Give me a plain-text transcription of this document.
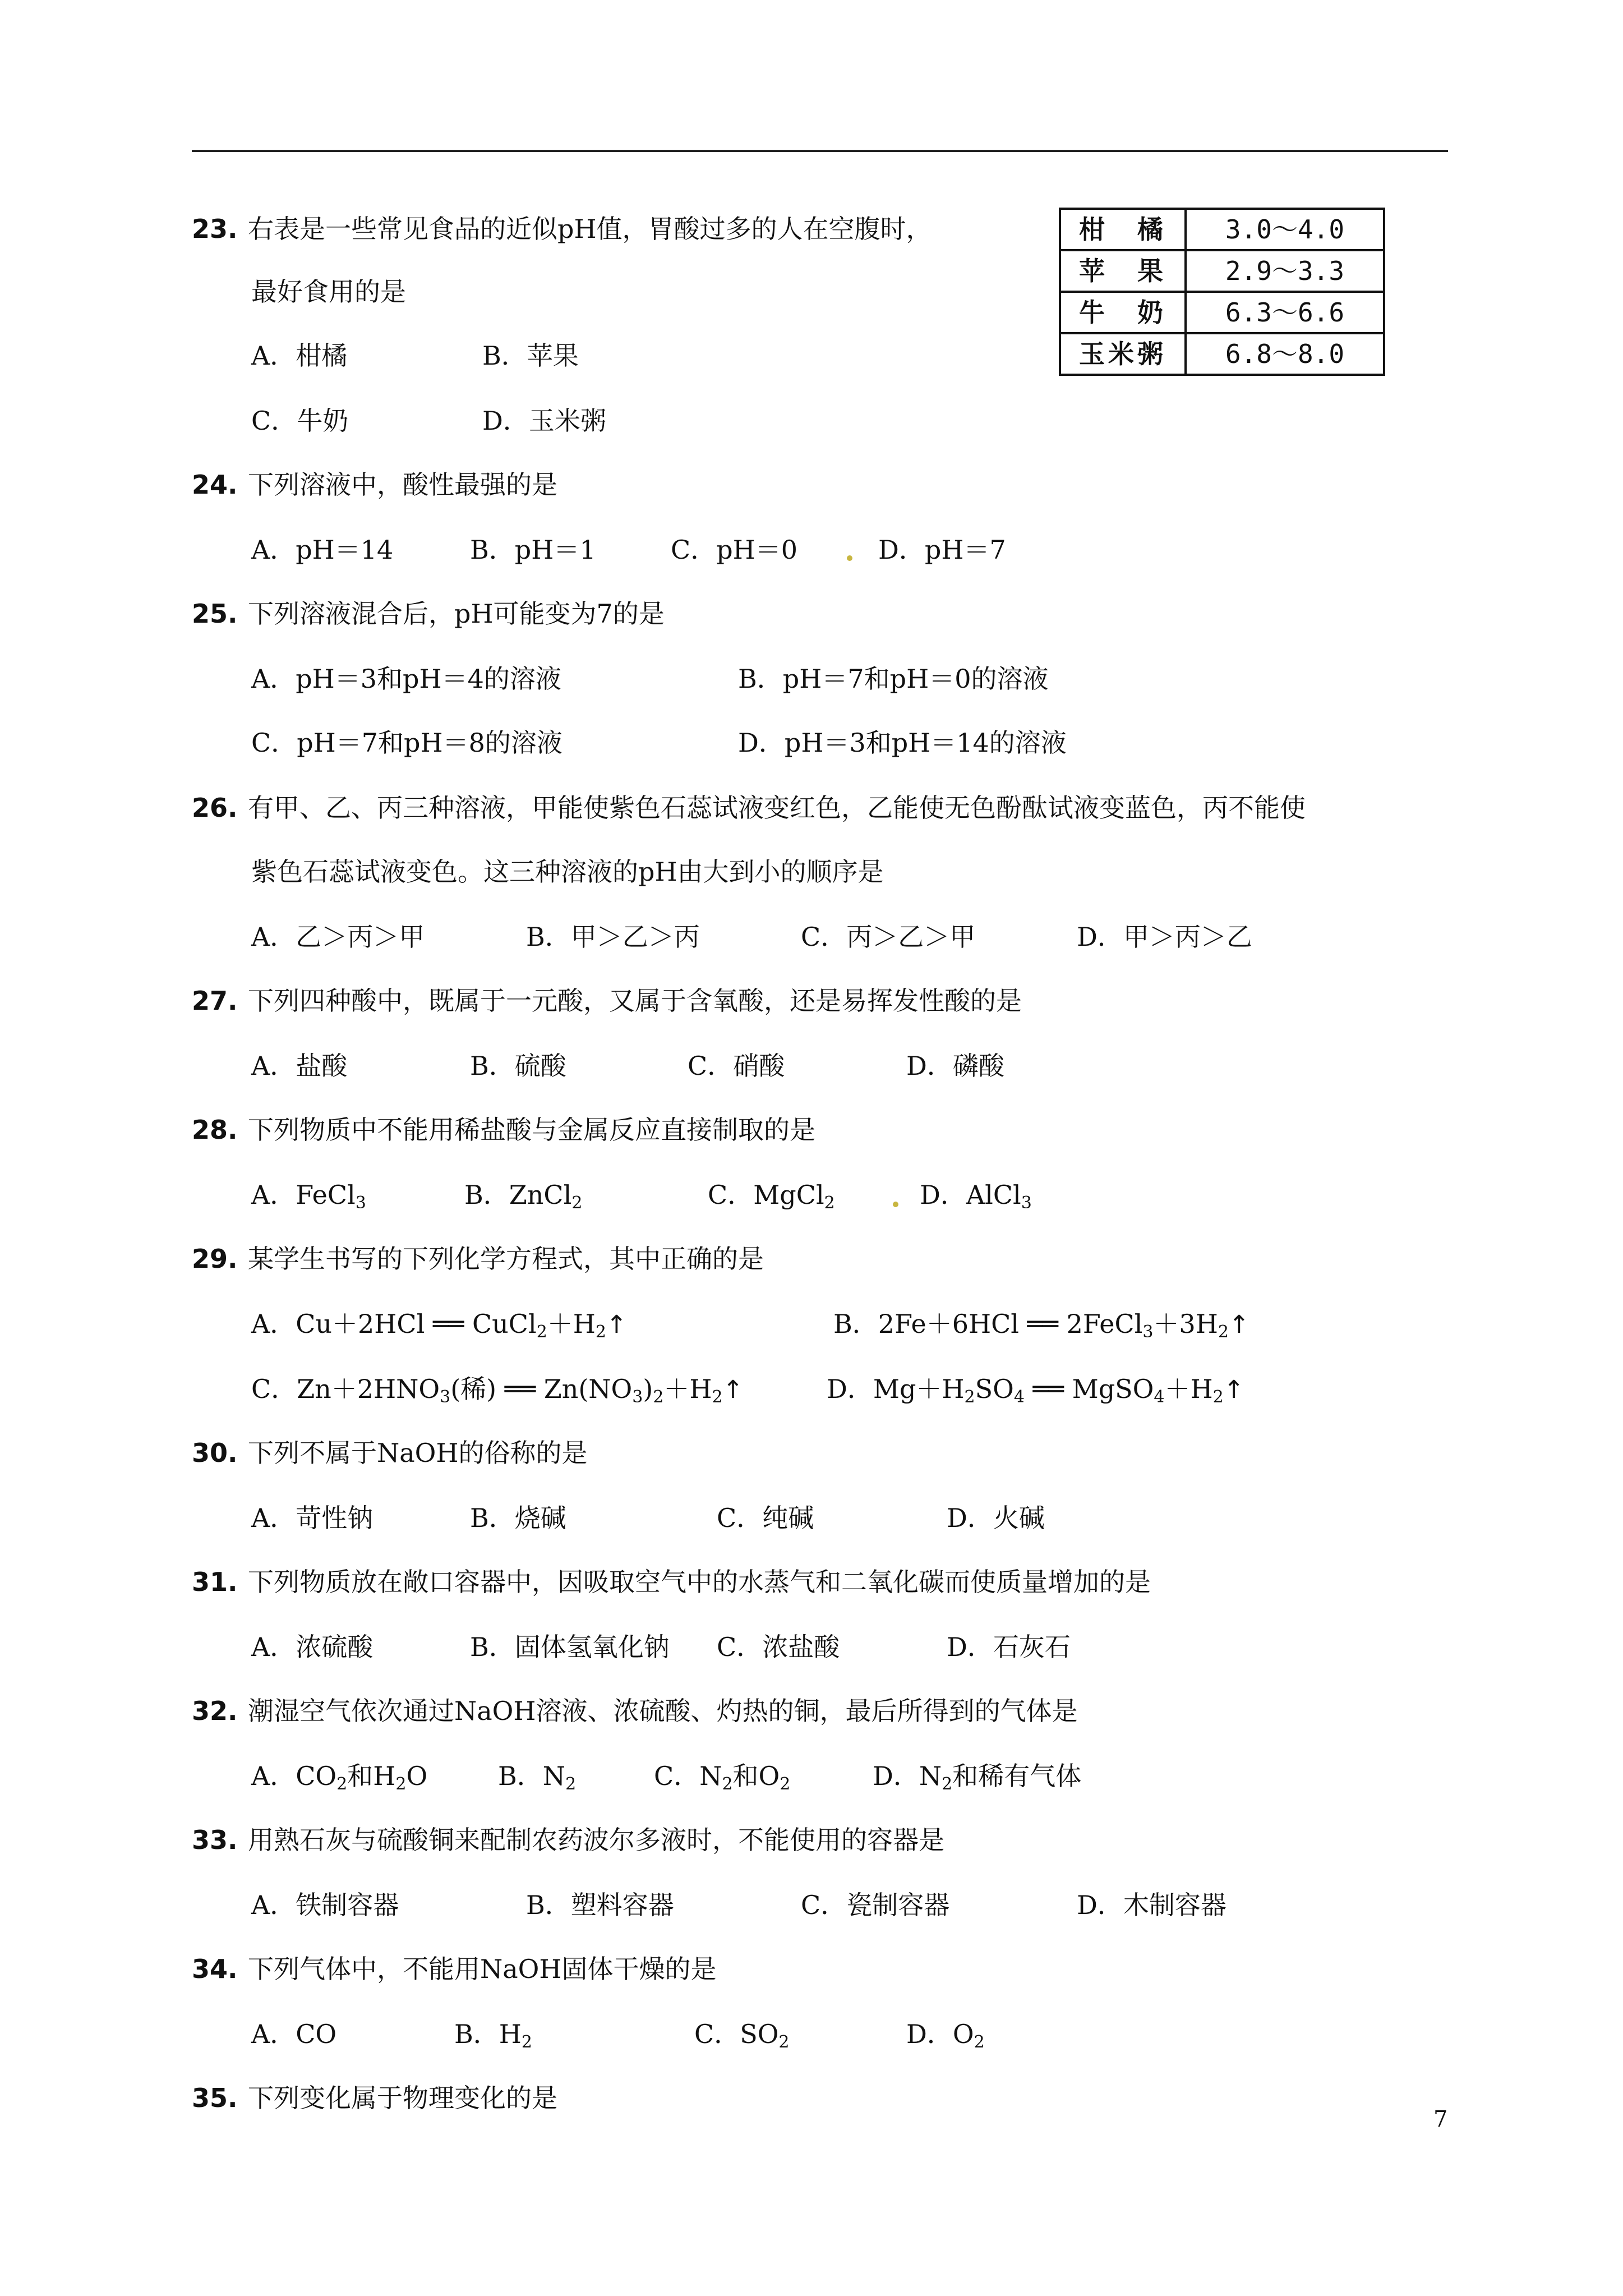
柑　橘	3.0～4.0
苹　果	2.9～3.3
牛　奶	6.3～6.6
玉米粥	6.8～8.0
23. 右表是一些常见食品的近似pH值，胃酸过多的人在空腹时，
最好食用的是
A．柑橘	B．苹果
C．牛奶	D．玉米粥
24. 下列溶液中，酸性最强的是
A．pH＝14	B．pH＝1	C．pH＝0	D．pH＝7
25. 下列溶液混合后，pH可能变为7的是
A．pH＝3和pH＝4的溶液	B．pH＝7和pH＝0的溶液
C．pH＝7和pH＝8的溶液	D．pH＝3和pH＝14的溶液
26. 有甲、乙、丙三种溶液，甲能使紫色石蕊试液变红色，乙能使无色酚酞试液变蓝色，丙不能使
紫色石蕊试液变色。这三种溶液的pH由大到小的顺序是
A．乙＞丙＞甲	B．甲＞乙＞丙	C．丙＞乙＞甲	D．甲＞丙＞乙
27. 下列四种酸中，既属于一元酸，又属于含氧酸，还是易挥发性酸的是
A．盐酸	B．硫酸	C．硝酸	D．磷酸
28. 下列物质中不能用稀盐酸与金属反应直接制取的是
A．FeCl$_3$	B．ZnCl$_2$	C．MgCl$_2$	D．AlCl$_3$
29. 某学生书写的下列化学方程式，其中正确的是
A．Cu＋2HCl ══ $CuCl_2+H_2↑$	B．2Fe＋6HCl ══ $2FeCl_3+3H_2↑$
C．$Zn+2HNO_3$(稀) ══ $Zn(NO_3)_2+H_2↑$	D．$Mg+H_2SO_4$ ══ $MgSO_4+H_2↑$
30. 下列不属于NaOH的俗称的是
A．苛性钠	B．烧碱	C．纯碱	D．火碱
31. 下列物质放在敞口容器中，因吸取空气中的水蒸气和二氧化碳而使质量增加的是
A．浓硫酸	B．固体氢氧化钠 C．浓盐酸	D．石灰石
32. 潮湿空气依次通过NaOH溶液、浓硫酸、灼热的铜，最后所得到的气体是
A．$CO_2$和$H_2O$	B．$N_2$	C．$N_2$和$O_2$	D．$N_2$和稀有气体
33. 用熟石灰与硫酸铜来配制农药波尔多液时，不能使用的容器是
A．铁制容器	B．塑料容器	C．瓷制容器	D．木制容器
34. 下列气体中，不能用NaOH固体干燥的是
A．CO	B．$H_2$	C．$SO_2$	D．$O_2$
35. 下列变化属于物理变化的是
7
